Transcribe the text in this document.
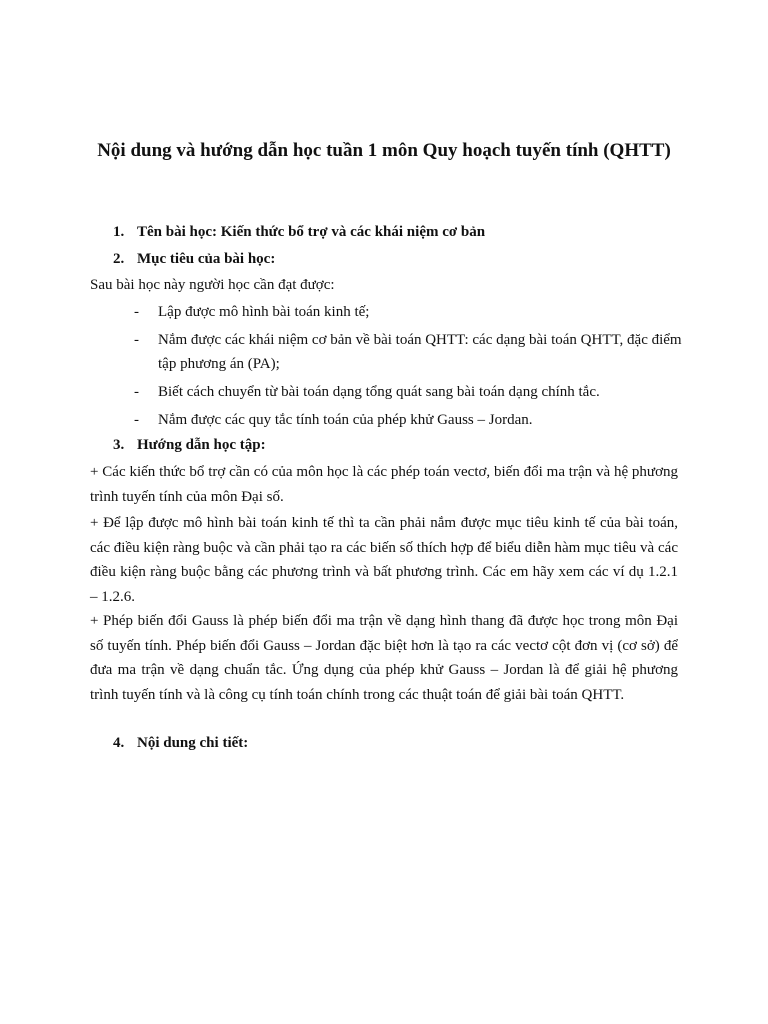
Nội dung và hướng dẫn học tuần 1 môn Quy hoạch tuyến tính (QHTT)
1. Tên bài học: Kiến thức bổ trợ và các khái niệm cơ bản
2. Mục tiêu của bài học:
Sau bài học này người học cần đạt được:
- Lập được mô hình bài toán kinh tế;
- Nắm được các khái niệm cơ bản về bài toán QHTT: các dạng bài toán QHTT, đặc điểm tập phương án (PA);
- Biết cách chuyển từ bài toán dạng tổng quát sang bài toán dạng chính tắc.
- Nắm được các quy tắc tính toán của phép khử Gauss – Jordan.
3. Hướng dẫn học tập:

+ Các kiến thức bổ trợ cần có của môn học là các phép toán vectơ, biến đổi ma trận và hệ phương trình tuyến tính của môn Đại số.

+ Để lập được mô hình bài toán kinh tế thì ta cần phải nắm được mục tiêu kinh tế của bài toán, các điều kiện ràng buộc và cần phải tạo ra các biến số thích hợp để biểu diễn hàm mục tiêu và các điều kiện ràng buộc bằng các phương trình và bất phương trình. Các em hãy xem các ví dụ 1.2.1 – 1.2.6.

+ Phép biến đổi Gauss là phép biến đổi ma trận về dạng hình thang đã được học trong môn Đại số tuyến tính. Phép biến đổi Gauss – Jordan đặc biệt hơn là tạo ra các vectơ cột đơn vị (cơ sở) để đưa ma trận về dạng chuẩn tắc. Ứng dụng của phép khử Gauss – Jordan là để giải hệ phương trình tuyến tính và là công cụ tính toán chính trong các thuật toán để giải bài toán QHTT.

4. Nội dung chi tiết:
